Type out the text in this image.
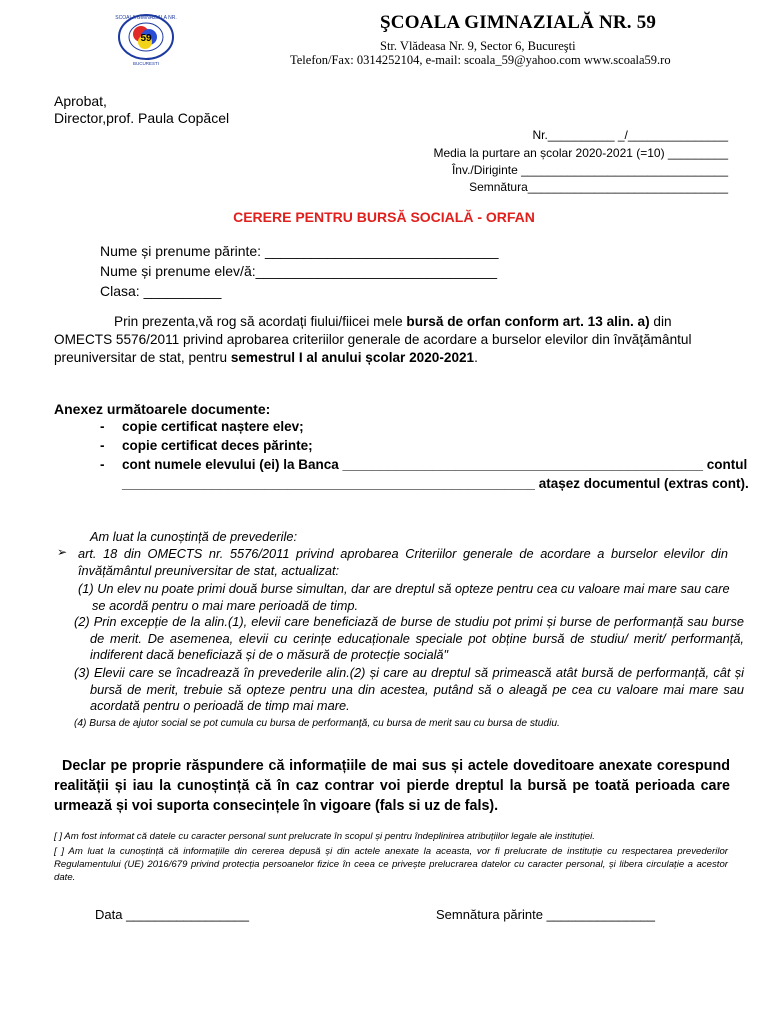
59
SCOALA GIMNAZIALA NR.
BUCURESTI
ŞCOALA GIMNAZIALĂ NR. 59
Str. Vlădeasa Nr. 9, Sector 6, Bucureşti
Telefon/Fax: 0314252104, e-mail: scoala_59@yahoo.com www.scoala59.ro
Aprobat,
Director,prof. Paula Copăcel
Nr.__________ _/_______________
Media la purtare an școlar 2020-2021 (=10) _________
Înv./Diriginte _______________________________
Semnătura______________________________
CERERE PENTRU BURSĂ SOCIALĂ - ORFAN
Nume și prenume părinte: ______________________________
Nume și prenume elev/ă:_______________________________
Clasa: __________
Prin prezenta,vă rog să acordați fiului/fiicei mele bursă de orfan conform art. 13 alin. a) din OMECTS 5576/2011 privind aprobarea criteriilor generale de acordare a burselor elevilor din învățământul preuniversitar de stat, pentru semestrul I al anului școlar 2020-2021.
Anexez următoarele documente:
- copie certificat naștere elev;
- copie certificat deces părinte;
- cont numele elevului (ei) la Banca ________________________________________________ contul
_______________________________________________________ atașez documentul (extras cont).
Am luat la cunoștință de prevederile:
➢ art. 18 din OMECTS nr. 5576/2011 privind aprobarea Criteriilor generale de acordare a burselor elevilor din învățământul preuniversitar de stat, actualizat:
(1) Un elev nu poate primi două burse simultan, dar are dreptul să opteze pentru cea cu valoare mai mare sau care se acordă pentru o mai mare perioadă de timp.
(2) Prin excepție de la alin.(1), elevii care beneficiază de burse de studiu pot primi și burse de performanță sau burse de merit. De asemenea, elevii cu cerințe educaționale speciale pot obține bursă de studiu/ merit/ performanță, indiferent dacă beneficiază și de o măsură de protecție socială"
(3) Elevii care se încadrează în prevederile alin.(2) și care au dreptul să primească atât bursă de performanță, cât și bursă de merit, trebuie să opteze pentru una din acestea, putând să o aleagă pe cea cu valoare mai mare sau acordată pentru o perioadă de timp mai mare.
(4) Bursa de ajutor social se pot cumula cu bursa de performanță, cu bursa de merit sau cu bursa de studiu.
Declar pe proprie răspundere că informațiile de mai sus și actele doveditoare anexate corespund realității și iau la cunoștință că în caz contrar voi pierde dreptul la bursă pe toată perioada care urmează și voi suporta consecințele în vigoare (fals si uz de fals).
[ ] Am fost informat că datele cu caracter personal sunt prelucrate în scopul și pentru îndeplinirea atribuțiilor legale ale instituției.
[ ] Am luat la cunoștință că informațiile din cererea depusă și din actele anexate la aceasta, vor fi prelucrate de instituție cu respectarea prevederilor Regulamentului (UE) 2016/679 privind protecția persoanelor fizice în ceea ce privește prelucrarea datelor cu caracter personal, și libera circulație a acestor date.
Data _________________	Semnătura părinte _______________
